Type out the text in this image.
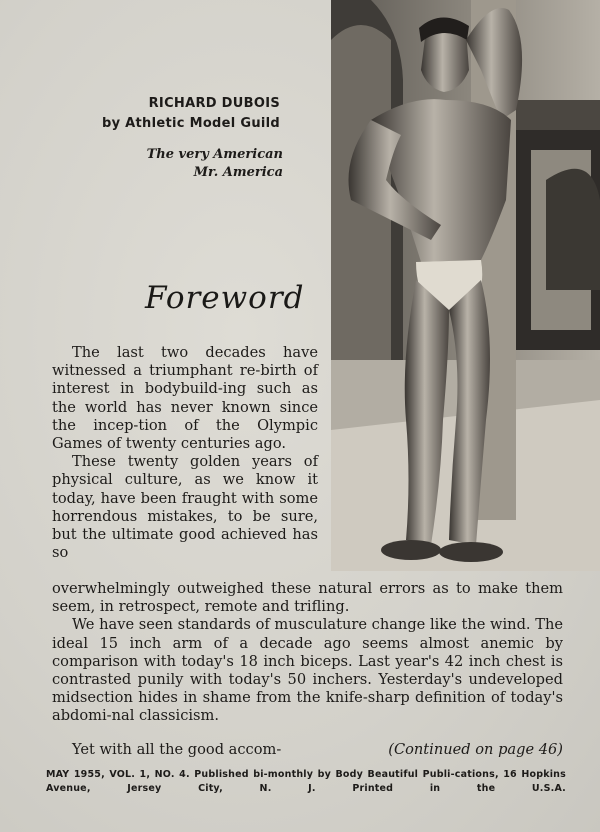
RICHARD DUBOIS
by Athletic Model Guild
The very American
Mr. America
Foreword

The last two decades have witnessed a triumphant re-birth of interest in bodybuild-ing such as the world has never known since the incep-tion of the Olympic Games of twenty centuries ago.

These twenty golden years of physical culture, as we know it today, have been fraught with some horrendous mistakes, to be sure, but the ultimate good achieved has so

overwhelmingly outweighed these natural errors as to make them seem, in retrospect, remote and trifling.

We have seen standards of musculature change like the wind. The ideal 15 inch arm of a decade ago seems almost anemic by comparison with today's 18 inch biceps. Last year's 42 inch chest is contrasted punily with today's 50 inchers. Yesterday's undeveloped midsection hides in shame from the knife-sharp definition of today's abdomi-nal classicism.

Yet with all the good accom-	(Continued on page 46)
MAY 1955, VOL. 1, NO. 4. Published bi-monthly by Body Beautiful Publi-cations, 16 Hopkins Avenue, Jersey City, N. J. Printed in the U.S.A.
